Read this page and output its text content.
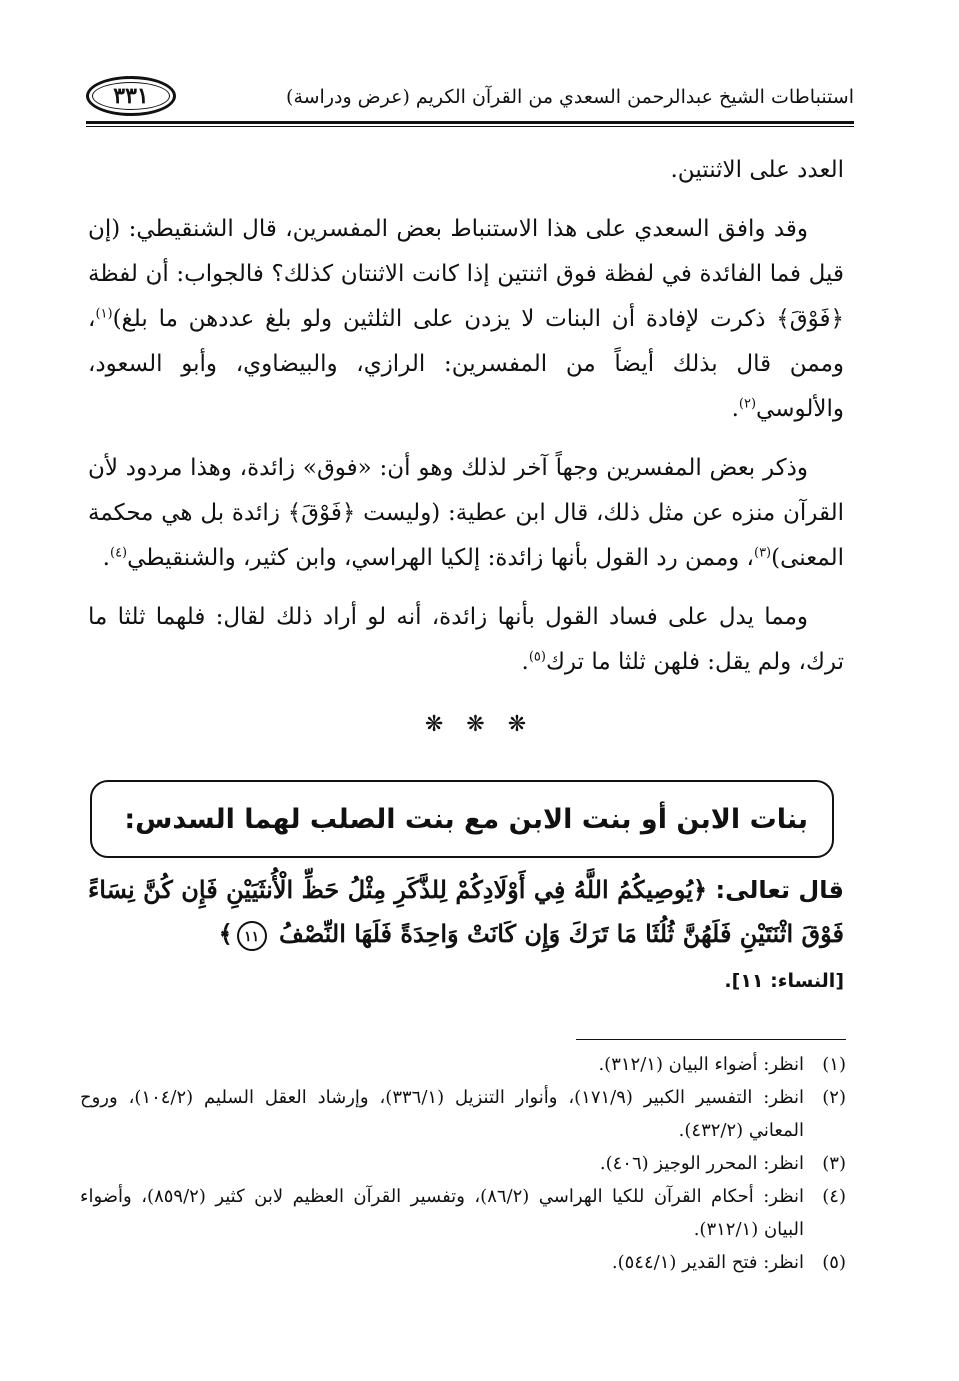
استنباطات الشيخ عبدالرحمن السعدي من القرآن الكريم (عرض ودراسة)
٣٣١

العدد على الاثنتين.

وقد وافق السعدي على هذا الاستنباط بعض المفسرين، قال الشنقيطي: (إن قيل فما الفائدة في لفظة فوق اثنتين إذا كانت الاثنتان كذلك؟ فالجواب: أن لفظة ﴿فَوْقَ﴾ ذكرت لإفادة أن البنات لا يزدن على الثلثين ولو بلغ عددهن ما بلغ)$^{(١)}$، وممن قال بذلك أيضاً من المفسرين: الرازي، والبيضاوي، وأبو السعود، والألوسي$^{(٢)}$.

وذكر بعض المفسرين وجهاً آخر لذلك وهو أن: «فوق» زائدة، وهذا مردود لأن القرآن منزه عن مثل ذلك، قال ابن عطية: (وليست ﴿فَوْقَ﴾ زائدة بل هي محكمة المعنى)$^{(٣)}$، وممن رد القول بأنها زائدة: إلكيا الهراسي، وابن كثير، والشنقيطي$^{(٤)}$.

ومما يدل على فساد القول بأنها زائدة، أنه لو أراد ذلك لقال: فلهما ثلثا ما ترك، ولم يقل: فلهن ثلثا ما ترك$^{(٥)}$.

❋ ❋ ❋
بنات الابن أو بنت الابن مع بنت الصلب لهما السدس:
قال تعالى: ﴿يُوصِيكُمُ اللَّهُ فِي أَوْلَادِكُمْ لِلذَّكَرِ مِثْلُ حَظِّ الْأُنثَيَيْنِ فَإِن كُنَّ نِسَاءً فَوْقَ اثْنَتَيْنِ فَلَهُنَّ ثُلُثَا مَا تَرَكَ وَإِن كَانَتْ وَاحِدَةً فَلَهَا النِّصْفُ ١١﴾
[النساء: ١١].
(١)
انظر: أضواء البيان (٣١٢/١).
(٢)
انظر: التفسير الكبير (١٧١/٩)، وأنوار التنزيل (٣٣٦/١)، وإرشاد العقل السليم (١٠٤/٢)، وروح المعاني (٤٣٢/٢).
(٣)
انظر: المحرر الوجيز (٤٠٦).
(٤)
انظر: أحكام القرآن للكيا الهراسي (٨٦/٢)، وتفسير القرآن العظيم لابن كثير (٨٥٩/٢)، وأضواء البيان (٣١٢/١).
(٥)
انظر: فتح القدير (٥٤٤/١).
